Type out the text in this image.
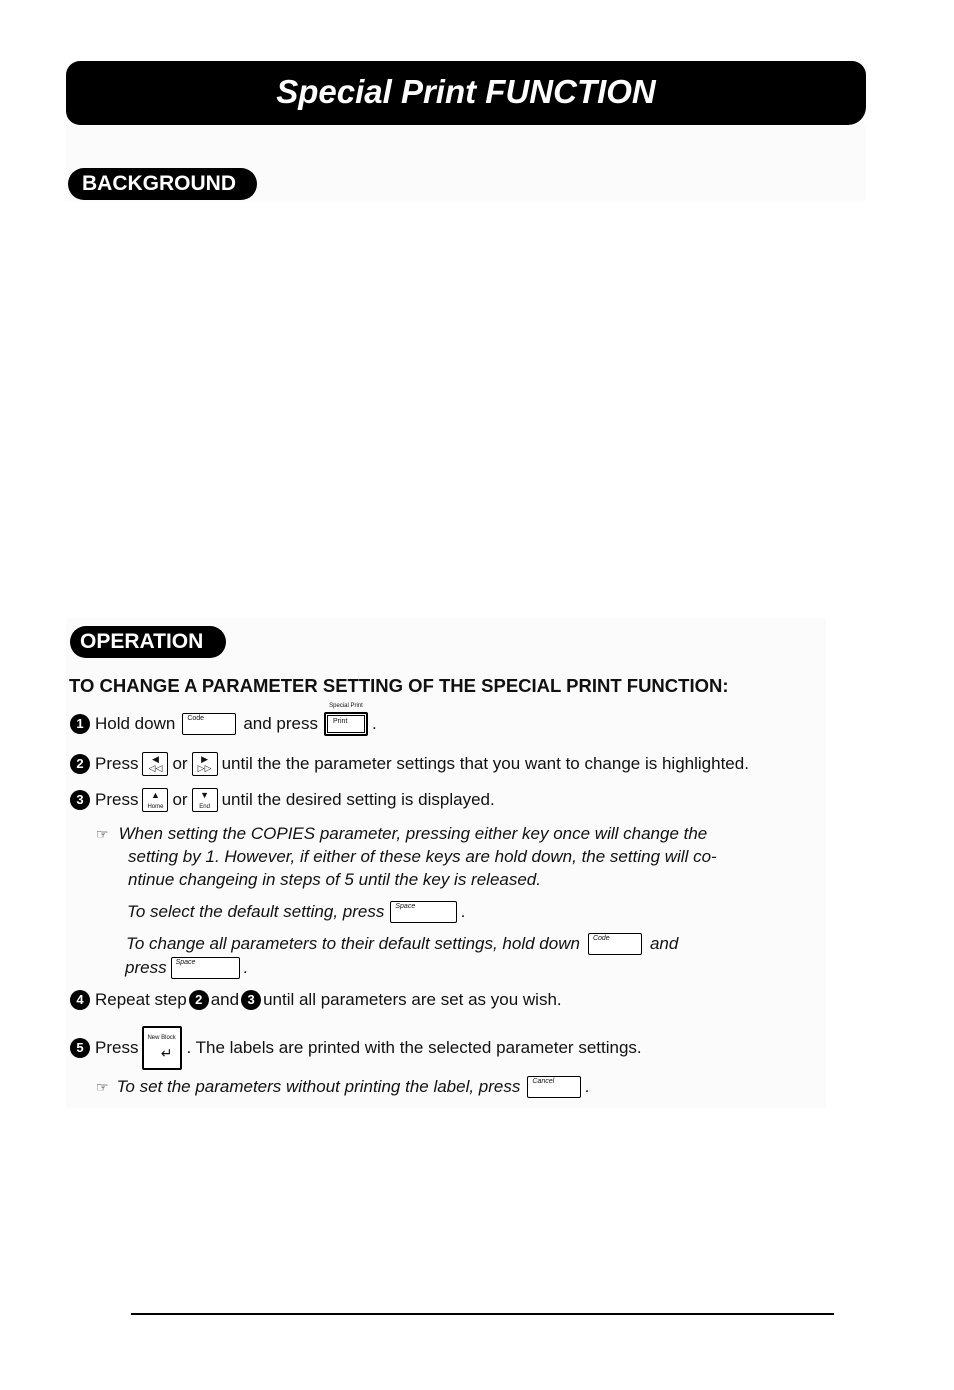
Special Print FUNCTION
BACKGROUND
OPERATION
TO CHANGE A PARAMETER SETTING OF THE SPECIAL PRINT FUNCTION:
1 Hold down Code and press
Special Print
Print .
2 Press	◀
◁◁ or	▶
▷▷ until the the parameter settings that you want to change is highlighted.
3 Press	▲
Home or	▼
End until the desired setting is displayed.
☞ When setting the COPIES parameter, pressing either key once will change the
setting by 1. However, if either of these keys are hold down, the setting will co-
ntinue changeing in steps of 5 until the key is released.
To select the default setting, press Space	.
To change all parameters to their default settings, hold down Code and
press Space	.
4 Repeat step 2 and 3 until all parameters are set as you wish.
5 Press New Block
↵ . The labels are printed with the selected parameter settings.
☞ To set the parameters without printing the label, press Cancel .
